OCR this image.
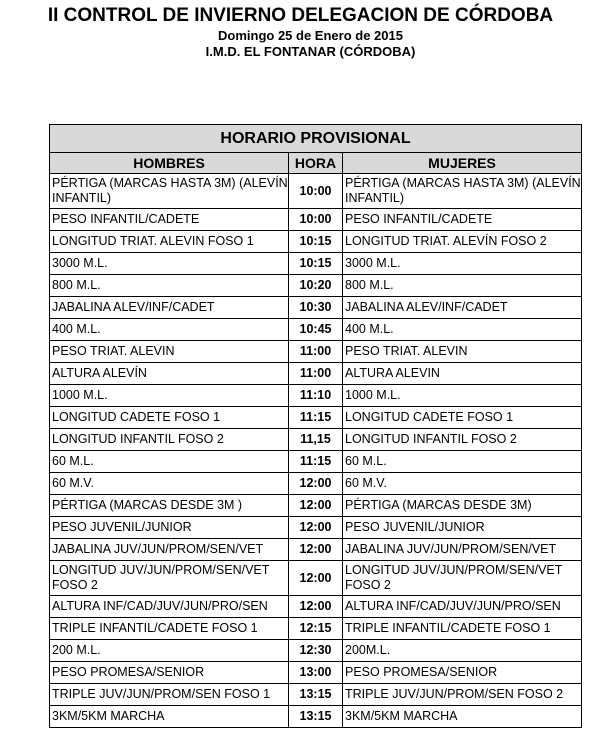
II CONTROL DE INVIERNO DELEGACION DE CÓRDOBA
Domingo 25 de Enero de 2015
I.M.D. EL FONTANAR (CÓRDOBA)
HORARIO PROVISIONAL		
HOMBRES	HORA	MUJERES
PÉRTIGA (MARCAS HASTA 3M) (ALEVÍN INFANTIL)	10:00	PÉRTIGA (MARCAS HASTA 3M) (ALEVÍN INFANTIL)
PESO INFANTIL/CADETE	10:00	PESO INFANTIL/CADETE
LONGITUD TRIAT. ALEVIN FOSO 1	10:15	LONGITUD TRIAT. ALEVÍN FOSO 2
3000 M.L.	10:15	3000 M.L.
800 M.L.	10:20	800 M.L.
JABALINA ALEV/INF/CADET	10:30	JABALINA ALEV/INF/CADET
400 M.L.	10:45	400 M.L.
PESO TRIAT. ALEVIN	11:00	PESO TRIAT. ALEVIN
ALTURA ALEVÍN	11:00	ALTURA ALEVIN
1000 M.L.	11:10	1000 M.L.
LONGITUD CADETE FOSO 1	11:15	LONGITUD CADETE FOSO 1
LONGITUD INFANTIL FOSO 2	11,15	LONGITUD INFANTIL FOSO 2
60 M.L.	11:15	60 M.L.
60 M.V.	12:00	60 M.V.
PÉRTIGA (MARCAS DESDE 3M )	12:00	PÉRTIGA (MARCAS DESDE 3M)
PESO JUVENIL/JUNIOR	12:00	PESO JUVENIL/JUNIOR
JABALINA JUV/JUN/PROM/SEN/VET	12:00	JABALINA JUV/JUN/PROM/SEN/VET
LONGITUD JUV/JUN/PROM/SEN/VET FOSO 2	12:00	LONGITUD JUV/JUN/PROM/SEN/VET FOSO 2
ALTURA INF/CAD/JUV/JUN/PRO/SEN	12:00	ALTURA INF/CAD/JUV/JUN/PRO/SEN
TRIPLE INFANTIL/CADETE FOSO 1	12:15	TRIPLE INFANTIL/CADETE FOSO 1
200 M.L.	12:30	200M.L.
PESO PROMESA/SENIOR	13:00	PESO PROMESA/SENIOR
TRIPLE JUV/JUN/PROM/SEN FOSO 1	13:15	TRIPLE JUV/JUN/PROM/SEN FOSO 2
3KM/5KM MARCHA	13:15	3KM/5KM MARCHA
